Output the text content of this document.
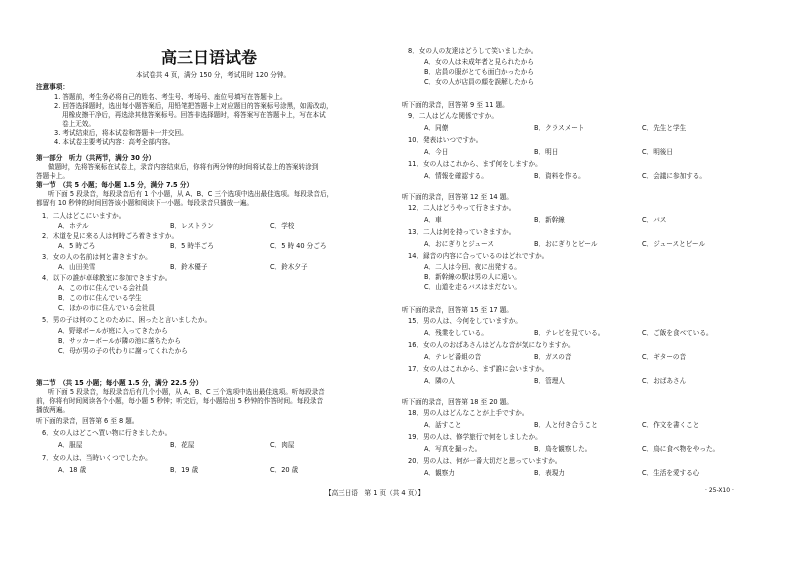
高三日语试卷
本试卷共 4 页，满分 150 分，考试用时 120 分钟。
注意事项：
1. 答题前，考生务必将自己的姓名、考生号、考场号、座位号填写在答题卡上。
2. 回答选择题时，选出每小题答案后，用铅笔把答题卡上对应题目的答案标号涂黑，如需改动，
用橡皮擦干净后，再选涂其他答案标号。回答非选择题时，将答案写在答题卡上，写在本试
卷上无效。
3. 考试结束后，将本试卷和答题卡一并交回。
4. 本试卷主要考试内容：高考全部内容。
第一部分　听力（共两节，满分 30 分）
做题时，先将答案标在试卷上，录音内容结束后，你将有两分钟的时间将试卷上的答案转涂到
答题卡上。
第一节　（共 5 小题；每小题 1.5 分，满分 7.5 分）
听下面 5 段录音，每段录音后有 1 个小题，从 A、B、C 三个选项中选出最佳选项。每段录音后，
都留有 10 秒钟的时间回答该小题和阅读下一小题。每段录音只播放一遍。
1．二人はどこにいますか。
A．ホテル	B．レストラン	C．学校
2．木道を見に来る人は何時ごろ着きますか。
A．5 時ごろ	B．5 時半ごろ	C．5 時 40 分ごろ
3．女の人の名前は何と書きますか。
A．山田美雪	B．鈴木優子	C．鈴木夕子
4．以下の誰が卓球教室に参加できますか。
A．この市に住んでいる会社員
B．この市に住んでいる学生
C．ほかの市に住んでいる会社員
5．男の子は何のことのために、困ったと言いましたか。
A．野球ボールが庭に入ってきたから
B．サッカーボールが隣の池に落ちたから
C．母が男の子の代わりに謝ってくれたから
第二节　（共 15 小题；每小题 1.5 分，满分 22.5 分）
听下面 5 段录音，每段录音后有几个小题，从 A、B、C 三个选项中选出最佳选项。听每段录音
前，你将有时间阅读各个小题，每小题 5 秒钟；听完后，每小题给出 5 秒钟的作答时间。每段录音
播放两遍。
听下面的录音，回答第 6 至 8 題。
6．女の人はどこへ買い物に行きましたか。
A．服屋	B．花屋	C．肉屋
7．女の人は、当時いくつでしたか。
A．18 歳	B．19 歳	C．20 歳
8．女の人の友達はどうして笑いましたか。
A．女の人は未成年者と見られたから
B．店員の服がとても面白かったから
C．女の人が店員の顔を誤解したから
听下面的录音，回答第 9 至 11 題。
9．二人はどんな関係ですか。
A．同僚	B．クラスメート	C．先生と学生
10．発表はいつですか。
A．今日	B．明日	C．明後日
11．女の人はこれから、まず何をしますか。
A．情報を確認する。	B．資料を作る。	C．会議に参加する。
听下面的录音，回答第 12 至 14 題。
12．二人はどうやって行きますか。
A．車	B．新幹線	C．バス
13．二人は何を持っていきますか。
A．おにぎりとジュース	B．おにぎりとビール	C．ジュースとビール
14．録音の内容に合っているのはどれですか。
A．二人は今回、夜に出発する。
B．新幹線の駅は男の人に遠い。
C．山道を走るバスはまだない。
听下面的录音，回答第 15 至 17 題。
15．男の人は、今何をしていますか。
A．残業をしている。	B．テレビを見ている。	C．ご飯を食べている。
16．女の人のおばあさんはどんな音が気になりますか。
A．テレビ番組の音	B．ガスの音	C．ギターの音
17．女の人はこれから、まず誰に会いますか。
A．隣の人	B．管理人	C．おばあさん
听下面的录音，回答第 18 至 20 題。
18．男の人はどんなことが上手ですか。
A．話すこと	B．人と付き合うこと	C．作文を書くこと
19．男の人は、修学旅行で何をしましたか。
A．写真を撮った。	B．鳥を観察した。	C．鳥に食べ物をやった。
20．男の人は、何が一番大切だと思っていますか。
A．観察力	B．表現力	C．生活を愛する心
【高三日语　第 1 页（共 4 页）】	· 25-X10 ·
